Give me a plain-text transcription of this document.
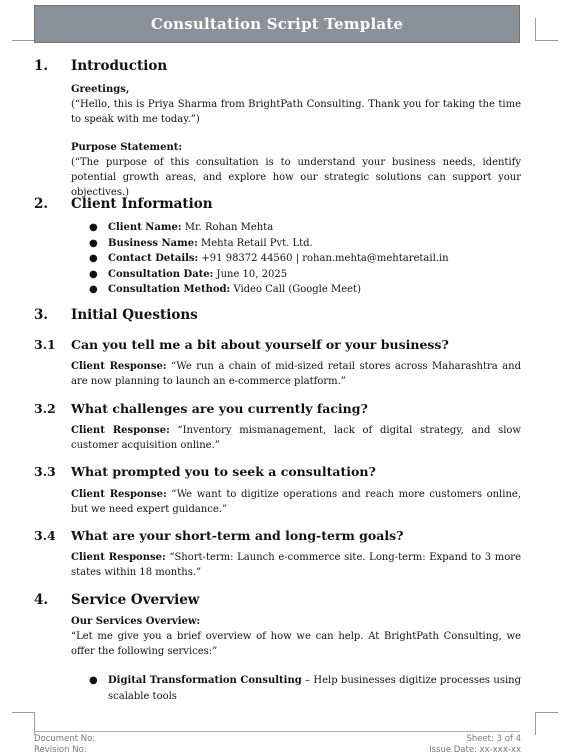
Consultation Script Template
1. Introduction
Greetings,
(“Hello, this is Priya Sharma from BrightPath Consulting. Thank you for taking the time to speak with me today.”)
Purpose Statement:
(“The purpose of this consultation is to understand your business needs, identify potential growth areas, and explore how our strategic solutions can support your objectives.)
2. Client Information
● Client Name: Mr. Rohan Mehta
● Business Name: Mehta Retail Pvt. Ltd.
● Contact Details: +91 98372 44560 | rohan.mehta@mehtaretail.in
● Consultation Date: June 10, 2025
● Consultation Method: Video Call (Google Meet)
3. Initial Questions
3.1 Can you tell me a bit about yourself or your business?
Client Response: “We run a chain of mid-sized retail stores across Maharashtra and are now planning to launch an e-commerce platform.”
3.2 What challenges are you currently facing?
Client Response: “Inventory mismanagement, lack of digital strategy, and slow customer acquisition online.”
3.3 What prompted you to seek a consultation?
Client Response: “We want to digitize operations and reach more customers online, but we need expert guidance.”
3.4 What are your short-term and long-term goals?
Client Response: “Short-term: Launch e-commerce site. Long-term: Expand to 3 more states within 18 months.”
4. Service Overview
Our Services Overview:
“Let me give you a brief overview of how we can help. At BrightPath Consulting, we offer the following services:”
● Digital Transformation Consulting – Help businesses digitize processes using scalable tools
Document No:
Revision No:
Sheet: 3 of 4
Issue Date: xx-xxx-xx
